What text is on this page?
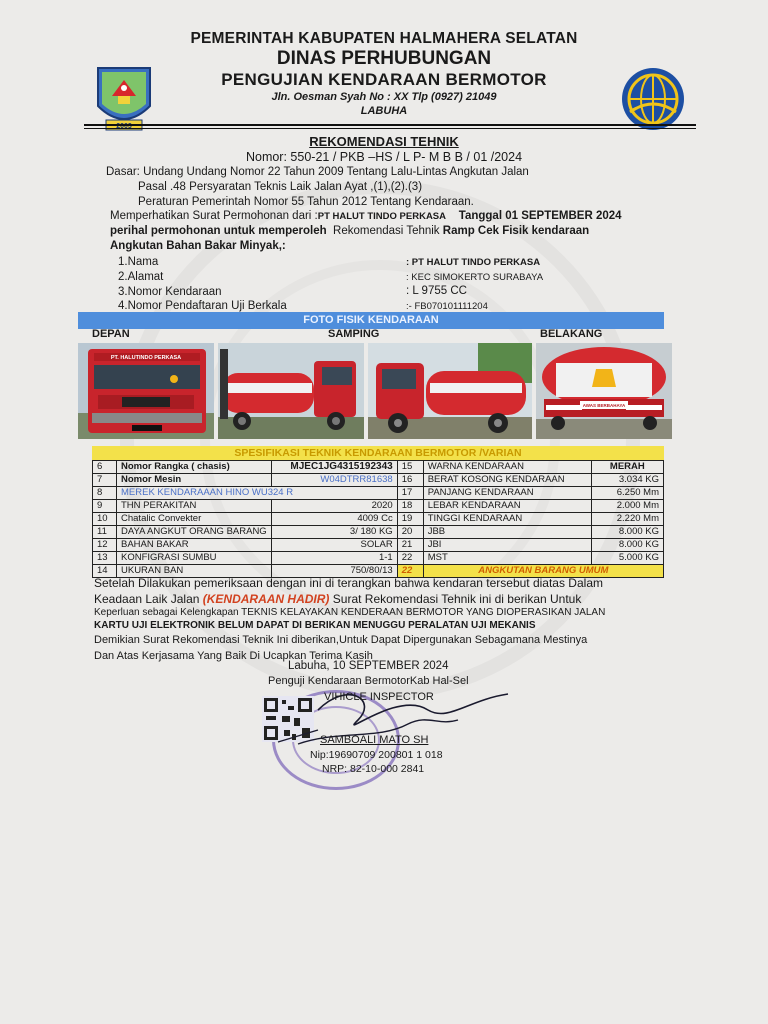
2003
PEMERINTAH KABUPATEN HALMAHERA SELATAN
DINAS PERHUBUNGAN
PENGUJIAN KENDARAAN BERMOTOR
Jln. Oesman Syah No : XX Tlp (0927) 21049
LABUHA
REKOMENDASI TEHNIK
Nomor: 550-21 / PKB –HS / L P- M B B / 01 /2024
Dasar: Undang Undang Nomor 22 Tahun 2009 Tentang Lalu-Lintas Angkutan Jalan
Pasal .48 Persyaratan Teknis Laik Jalan Ayat ,(1),(2).(3)
Peraturan Pemerintah Nomor 55 Tahun 2012 Tentang Kendaraan.
Memperhatikan Surat Permohonan dari :PT HALUT TINDO PERKASA Tanggal 01 SEPTEMBER 2024
perihal permohonan untuk memperoleh Rekomendasi Tehnik Ramp Cek Fisik kendaraan
Angkutan Bahan Bakar Minyak,:
1.Nama	: PT HALUT TINDO PERKASA
2.Alamat	: KEC SIMOKERTO SURABAYA
3.Nomor Kendaraan	: L 9755 CC
4.Nomor Pendaftaran Uji Berkala	:- FB070101111204
FOTO FISIK KENDARAAN
DEPAN	SAMPING	BELAKANG
PT. HALUTINDO PERKASA
AWAS BERBAHAYA
SPESIFIKASI TEKNIK KENDARAAN BERMOTOR /VARIAN
6	Nomor Rangka ( chasis)	MJEC1JG4315192343	15	WARNA KENDARAAN	MERAH
7	Nomor Mesin	W04DTRR81638	16	BERAT KOSONG KENDARAAN	3.034 KG
8	MEREK KENDARAAAN HINO WU324 R		17	PANJANG KENDARAAN	6.250 Mm
9	THN PERAKITAN	2020	18	LEBAR KENDARAAN	2.000 Mm
10	Chatalic Convekter	4009 Cc	19	TINGGI KENDARAAN	2.220 Mm
11	DAYA ANGKUT ORANG BARANG	3/ 180 KG	20	JBB	8.000 KG
12	BAHAN BAKAR	SOLAR	21	JBI	8.000 KG
13	KONFIGRASI SUMBU	1-1	22	MST	5.000 KG
14	UKURAN BAN	750/80/13	22	ANGKUTAN BARANG UMUM	
Setelah Dilakukan pemeriksaan dengan ini di terangkan bahwa kendaran tersebut diatas Dalam
Keadaan Laik Jalan (KENDARAAN HADIR) Surat Rekomendasi Tehnik ini di berikan Untuk
Keperluan sebagai Kelengkapan TEKNIS KELAYAKAN KENDERAAN BERMOTOR YANG DIOPERASIKAN JALAN
KARTU UJI ELEKTRONIK BELUM DAPAT DI BERIKAN MENUGGU PERALATAN UJI MEKANIS
Demikian Surat Rekomendasi Teknik Ini diberikan,Untuk Dapat Dipergunakan Sebagamana Mestinya
Dan Atas Kerjasama Yang Baik Di Ucapkan Terima Kasih
Labuha, 10 SEPTEMBER 2024
Penguji Kendaraan BermotorKab Hal-Sel
VIHICLE INSPECTOR
SAMBOALI MATO SH
Nip:19690709 200801 1 018
NRP: 82-10-000 2841
